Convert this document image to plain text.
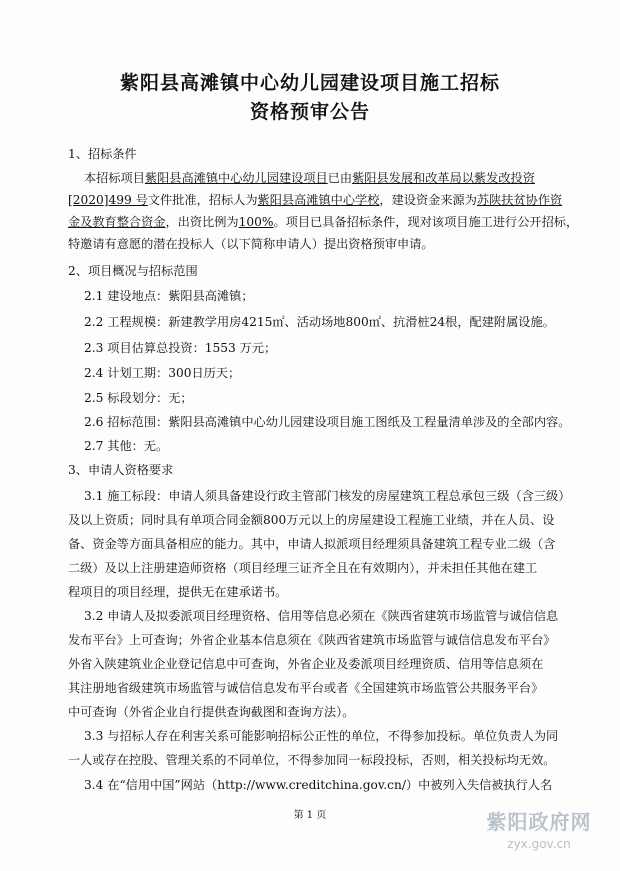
紫阳县高滩镇中心幼儿园建设项目施工招标
资格预审公告
1、招标条件
本招标项目紫阳县高滩镇中心幼儿园建设项目已由紫阳县发展和改革局以紫发改投资
[2020]499 号文件批准，招标人为紫阳县高滩镇中心学校，建设资金来源为苏陕扶贫协作资
金及教育整合资金，出资比例为100%。项目已具备招标条件，现对该项目施工进行公开招标，
特邀请有意愿的潜在投标人（以下简称申请人）提出资格预审申请。
2、项目概况与招标范围
2.1 建设地点：紫阳县高滩镇；
2.2 工程规模：新建教学用房4215㎡、活动场地800㎡、抗滑桩24根，配建附属设施。
2.3 项目估算总投资：1553 万元；
2.4 计划工期：300日历天；
2.5 标段划分：无；
2.6 招标范围：紫阳县高滩镇中心幼儿园建设项目施工图纸及工程量清单涉及的全部内容。
2.7 其他：无。
3、申请人资格要求
3.1 施工标段：申请人须具备建设行政主管部门核发的房屋建筑工程总承包三级（含三级）
及以上资质；同时具有单项合同金额800万元以上的房屋建设工程施工业绩，并在人员、设
备、资金等方面具备相应的能力。其中，申请人拟派项目经理须具备建筑工程专业二级（含
二级）及以上注册建造师资格（项目经理三证齐全且在有效期内），并未担任其他在建工
程项目的项目经理，提供无在建承诺书。
3.2 申请人及拟委派项目经理资格、信用等信息必须在《陕西省建筑市场监管与诚信信息
发布平台》上可查询；外省企业基本信息须在《陕西省建筑市场监管与诚信信息发布平台》
外省入陕建筑业企业登记信息中可查询，外省企业及委派项目经理资质、信用等信息须在
其注册地省级建筑市场监管与诚信信息发布平台或者《全国建筑市场监管公共服务平台》
中可查询（外省企业自行提供查询截图和查询方法）。
3.3 与招标人存在利害关系可能影响招标公正性的单位，不得参加投标。单位负责人为同
一人或存在控股、管理关系的不同单位，不得参加同一标段投标，否则，相关投标均无效。
3.4 在“信用中国”网站（http://www.creditchina.gov.cn/）中被列入失信被执行人名
第 1 页	紫阳政府网
zyx.gov.cn
